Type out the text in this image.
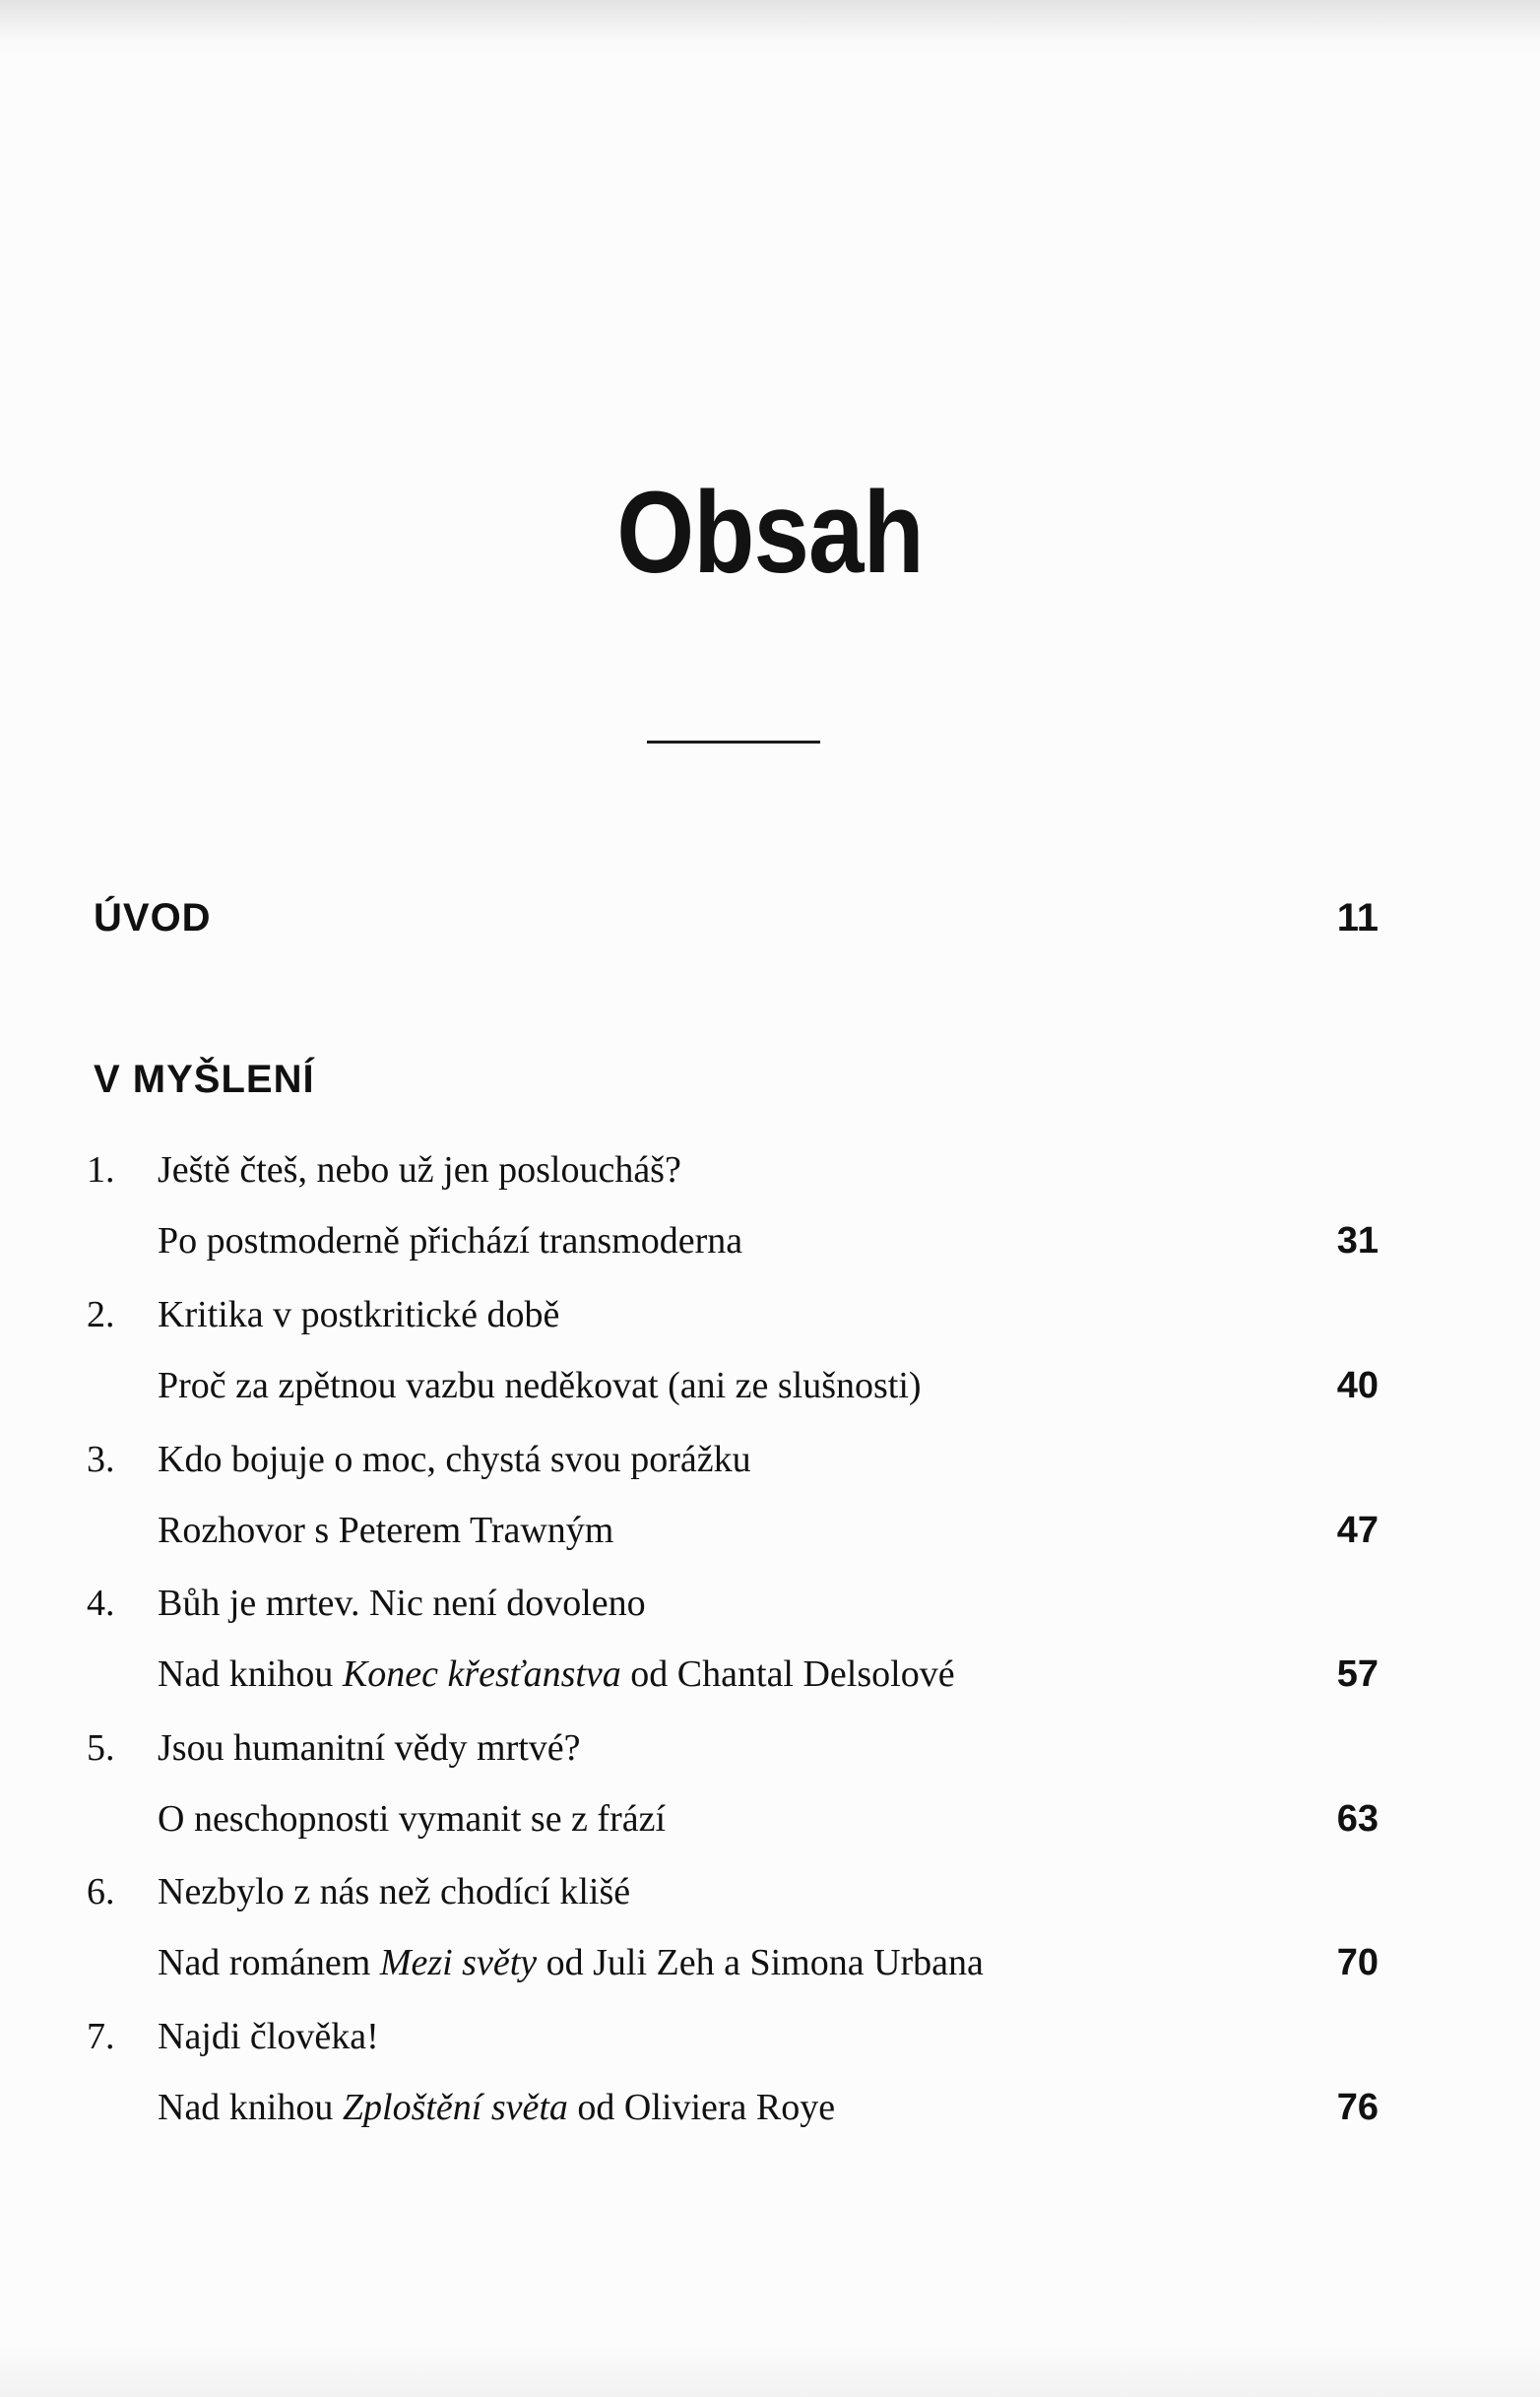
Obsah
ÚVOD	11
V MYŠLENÍ
1.	Ještě čteš, nebo už jen posloucháš?
Po postmoderně přichází transmoderna	31
2.	Kritika v postkritické době
Proč za zpětnou vazbu neděkovat (ani ze slušnosti)	40
3.	Kdo bojuje o moc, chystá svou porážku
Rozhovor s Peterem Trawným	47
4.	Bůh je mrtev. Nic není dovoleno
Nad knihou Konec křesťanstva od Chantal Delsolové	57
5.	Jsou humanitní vědy mrtvé?
O neschopnosti vymanit se z frází	63
6.	Nezbylo z nás než chodící klišé
Nad románem Mezi světy od Juli Zeh a Simona Urbana	70
7.	Najdi člověka!
Nad knihou Zploštění světa od Oliviera Roye	76
